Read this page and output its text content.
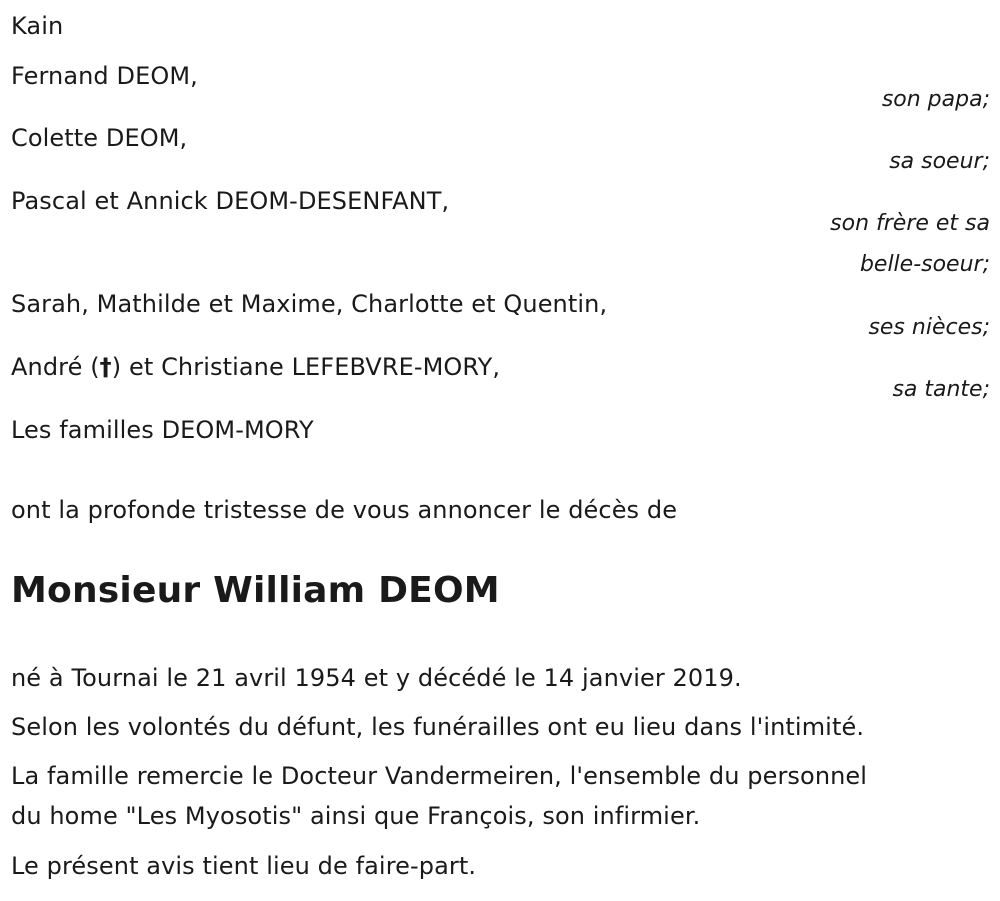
Kain
Fernand DEOM,
son papa;
Colette DEOM,
sa soeur;
Pascal et Annick DEOM-DESENFANT,
son frère et sa
belle-soeur;
Sarah, Mathilde et Maxime, Charlotte et Quentin,
ses nièces;
André (†) et Christiane LEFEBVRE-MORY,
sa tante;
Les familles DEOM-MORY
ont la profonde tristesse de vous annoncer le décès de
Monsieur William DEOM
né à Tournai le 21 avril 1954 et y décédé le 14 janvier 2019.
Selon les volontés du défunt, les funérailles ont eu lieu dans l'intimité.
La famille remercie le Docteur Vandermeiren, l'ensemble du personnel
du home "Les Myosotis" ainsi que François, son infirmier.
Le présent avis tient lieu de faire-part.
